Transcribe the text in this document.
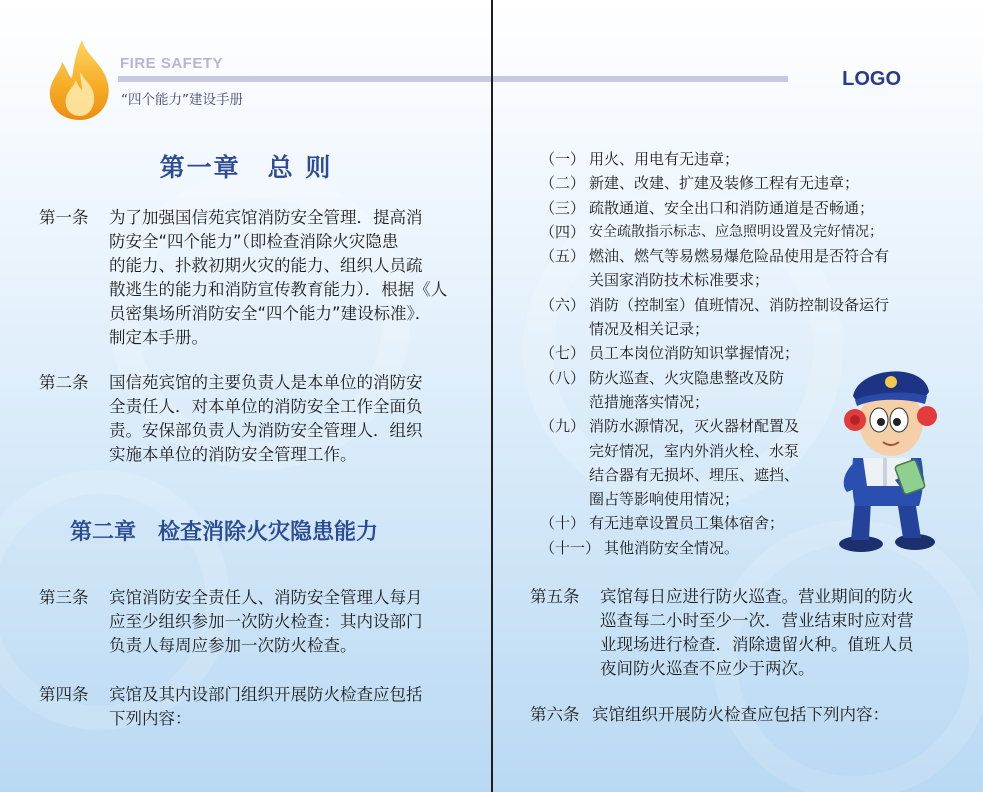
FIRE SAFETY
“四个能力”建设手册
第一章　总 则
第一条	为了加强国信苑宾馆消防安全管理．提高消
防安全“四个能力”（即检查消除火灾隐患
的能力、扑救初期火灾的能力、组织人员疏
散逃生的能力和消防宣传教育能力）．根据《人
员密集场所消防安全“四个能力”建设标准》．
制定本手册。
第二条	国信苑宾馆的主要负责人是本单位的消防安
全责任人．对本单位的消防安全工作全面负
责。安保部负责人为消防安全管理人．组织
实施本单位的消防安全管理工作。
第二章　检查消除火灾隐患能力
第三条	宾馆消防安全责任人、消防安全管理人每月
应至少组织参加一次防火检查：其内设部门
负责人每周应参加一次防火检查。
第四条	宾馆及其内设部门组织开展防火检查应包括
下列内容：
LOGO
（一） 用火、用电有无违章；
（二） 新建、改建、扩建及装修工程有无违章；
（三） 疏散通道、安全出口和消防通道是否畅通；
（四） 安全疏散指示标志、应急照明设置及完好情况；
（五） 燃油、燃气等易燃易爆危险品使用是否符合有
关国家消防技术标准要求；
（六） 消防（控制室）值班情况、消防控制设备运行
情况及相关记录；
（七） 员工本岗位消防知识掌握情况；
（八） 防火巡查、火灾隐患整改及防
范措施落实情况；
（九） 消防水源情况，灭火器材配置及
完好情况，室内外消火栓、水泵
结合器有无损坏、埋压、遮挡、
圈占等影响使用情况；
（十） 有无违章设置员工集体宿舍；
（十一） 其他消防安全情况。
第五条	宾馆每日应进行防火巡查。营业期间的防火
巡查每二小时至少一次．营业结束时应对营
业现场进行检查．消除遗留火种。值班人员
夜间防火巡查不应少于两次。
第六条 宾馆组织开展防火检查应包括下列内容：
